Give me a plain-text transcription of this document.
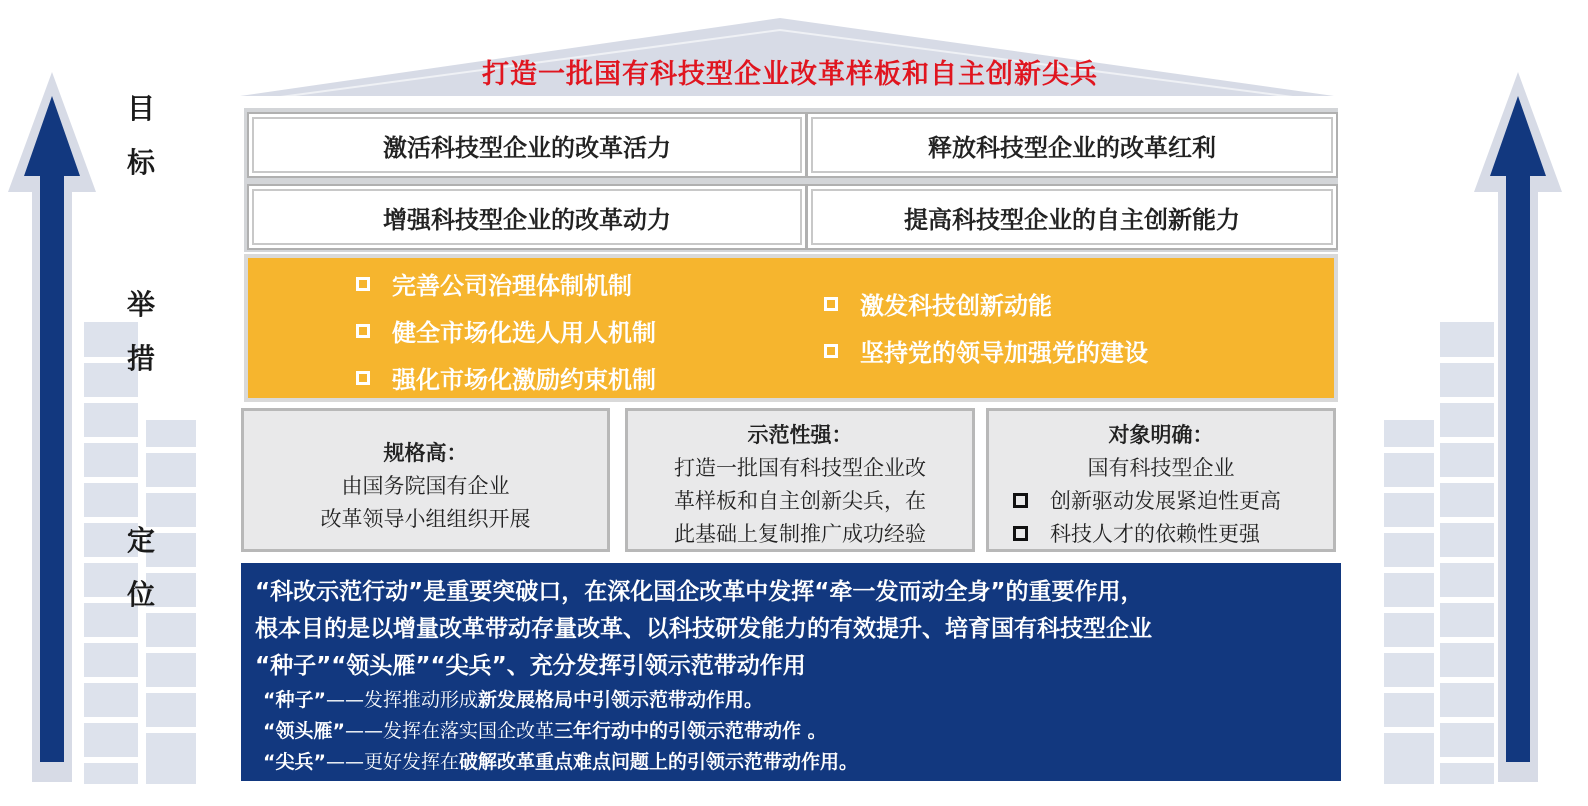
打造一批国有科技型企业改革样板和自主创新尖兵
目
标
举
措
定
位
激活科技型企业的改革活力	释放科技型企业的改革红利
增强科技型企业的改革动力	提高科技型企业的自主创新能力
完善公司治理体制机制
健全市场化选人用人机制
强化市场化激励约束机制
激发科技创新动能
坚持党的领导加强党的建设
规格高：
由国务院国有企业
改革领导小组组织开展
示范性强：
打造一批国有科技型企业改
革样板和自主创新尖兵，在
此基础上复制推广成功经验
对象明确：
国有科技型企业
创新驱动发展紧迫性更高
科技人才的依赖性更强
“科改示范行动”是重要突破口，在深化国企改革中发挥“牵一发而动全身”的重要作用，
根本目的是以增量改革带动存量改革、以科技研发能力的有效提升、培育国有科技型企业
“种子”“领头雁”“尖兵”、充分发挥引领示范带动作用
“种子”——发挥推动形成新发展格局中引领示范带动作用。
“领头雁”——发挥在落实国企改革三年行动中的引领示范带动作 。
“尖兵”——更好发挥在破解改革重点难点问题上的引领示范带动作用。
